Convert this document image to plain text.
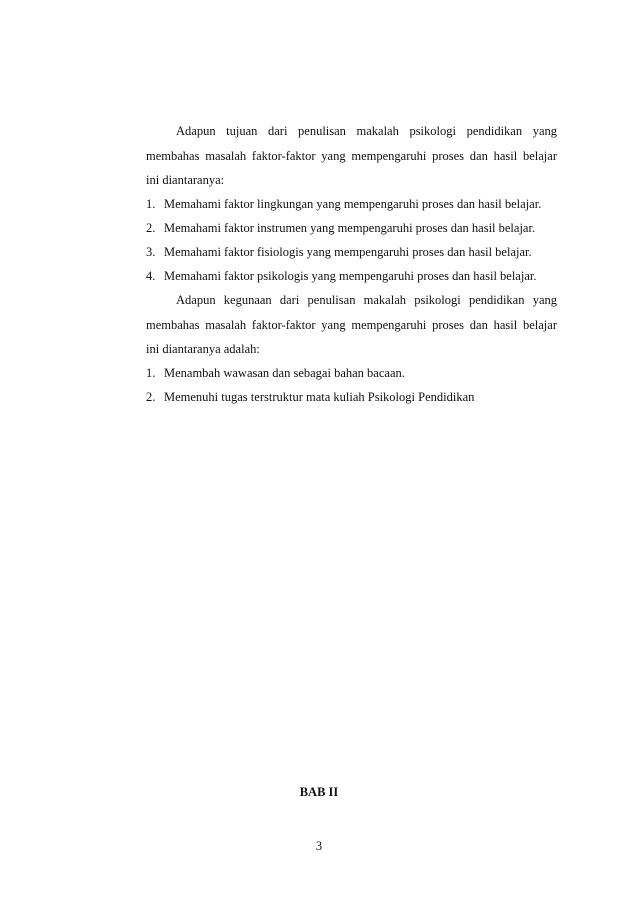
Adapun tujuan dari penulisan makalah psikologi pendidikan yang
membahas masalah faktor-faktor yang mempengaruhi proses dan hasil belajar
ini diantaranya:
1. Memahami faktor lingkungan yang mempengaruhi proses dan hasil belajar.
2. Memahami faktor instrumen yang mempengaruhi proses dan hasil belajar.
3. Memahami faktor fisiologis yang mempengaruhi proses dan hasil belajar.
4. Memahami faktor psikologis yang mempengaruhi proses dan hasil belajar.
Adapun kegunaan dari penulisan makalah psikologi pendidikan yang
membahas masalah faktor-faktor yang mempengaruhi proses dan hasil belajar
ini diantaranya adalah:
1. Menambah wawasan dan sebagai bahan bacaan.
2. Memenuhi tugas terstruktur mata kuliah Psikologi Pendidikan
BAB II
3
